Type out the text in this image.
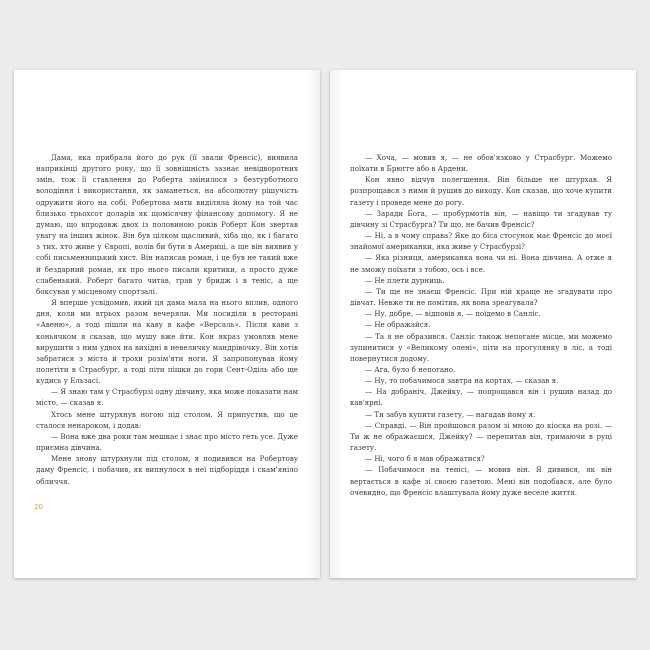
Дама, яка прибрала його до рук (її звали Френсіс), виявила наприкінці другого року, що її зовнішність зазнає невідворотних змін, тож її ставлення до Роберта змінилося з безтурботного володіння і використання, як заманеться, на абсолютну рішучість одружити його на собі. Робертова мати виділяла йому на той час близько трьохсот доларів як щомісячну фінансову допомогу. Я не думаю, що впродовж двох із половиною років Роберт Кон звертав увагу на інших жінок. Він був цілком щасливий, хіба що, як і багато з тих, хто живе у Європі, волів би бути в Америці, а ще він виявив у собі письменницький хист. Він написав роман, і це був не такий вже й бездарний роман, як про нього писали критики, а просто дуже слабенький. Роберт багато читав, грав у бридж і в теніс, а ще боксував у місцевому спортзалі.

Я вперше усвідомив, який ця дама мала на нього вплив, одного дня, коли ми втрьох разом вечеряли. Ми посиділи в ресторані «Авеню», а тоді пішли на каву в кафе «Версаль». Після кави з коньячком я сказав, що мушу вже йти. Кон якраз умовляв мене вирушити з ним удвох на вихідні в невеличку мандрівочку. Він хотів забратися з міста й трохи розім'яти ноги. Я запропонував йому полетіти в Страсбург, а тоді піти пішки до гори Сент-Оділь або ще кудись у Ельзасі.

— Я знаю там у Страсбурзі одну дівчину, яка може показати нам місто, — сказав я.

Хтось мене штурхнув ногою під столом. Я припустив, що це сталося ненароком, і додав:

— Вона вже два роки там мешкає і знає про місто геть усе. Дуже приємна дівчина.

Мене знову штурхнули під столом, я подивився на Робертову даму Френсіс, і побачив, як випнулося в неї підборіддя і скам'яніло обличчя.

20

— Хоча, — мовив я, — не обов'язково у Страсбург. Можемо поїхати в Брюгге або в Ардени.

Кон явно відчув полегшення. Він більше не штурхав. Я розпрощався з ними й рушив до виходу. Кон сказав, що хоче купити газету і проведе мене до рогу.

— Заради Бога, — пробурмотів він, — навіщо ти згадував ту дівчину зі Страсбурга? Ти що, не бачив Френсіс?

— Ні, а в чому справа? Яке до біса стосунок має Френсіс до моєї знайомої американки, яка живе у Страсбурзі?

— Яка різниця, американка вона чи ні. Вона дівчина. А отже я не зможу поїхати з тобою, ось і все.

— Не плети дурниць.

— Ти ще не знаєш Френсіс. При ній краще не згадувати про дівчат. Невже ти не помітив, як вона зреагувала?

— Ну, добре, — відповів я, — поїдемо в Санліс.

— Не ображайся.

— Та я не образився. Санліс також непогане місце, ми можемо зупинитися у «Великому олені», піти на прогулянку в ліс, а тоді повернутися додому.

— Ага, було б непогано.

— Ну, то побачимося завтра на кортах, — сказав я.

— На добраніч, Джейку, — попрощався він і рушив назад до кав'ярні.

— Ти забув купити газету, — нагадав йому я.

— Справді. — Він пройшовся разом зі мною до кіоска на розі. — Ти ж не ображаєшся, Джейку? — перепитав він, тримаючи в руці газету.

— Ні, чого б я мав ображатися?

— Побачимося на тенісі, — мовив він. Я дивився, як він вертається в кафе зі своєю газетою. Мені він подобався, але було очевидно, що Френсіс влаштувала йому дуже веселе життя.
